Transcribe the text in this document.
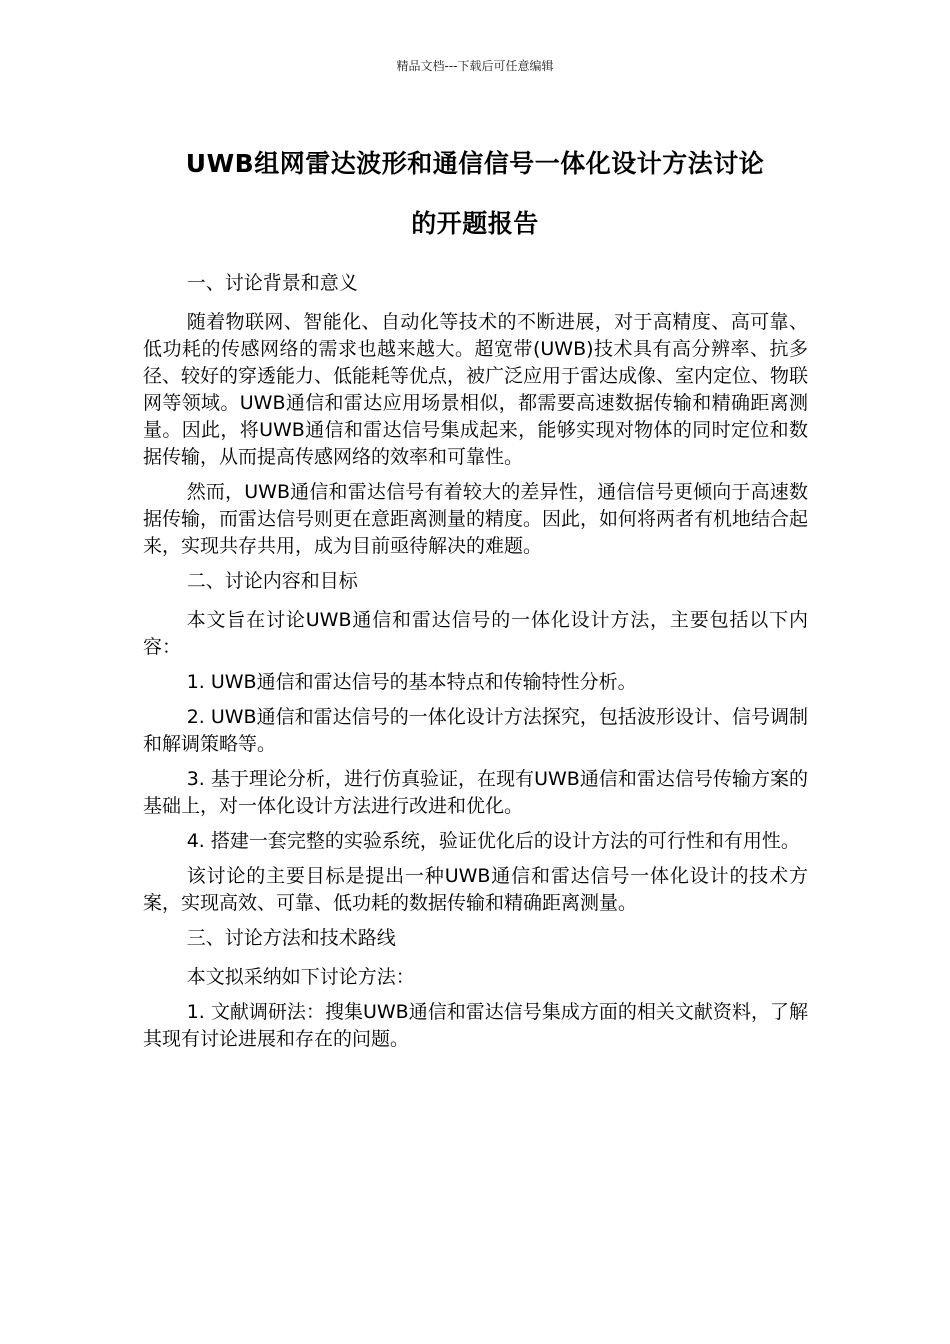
精品文档---下载后可任意编辑
UWB组网雷达波形和通信信号一体化设计方法讨论
的开题报告

一、讨论背景和意义

随着物联网、智能化、自动化等技术的不断进展，对于高精度、高可靠、低功耗的传感网络的需求也越来越大。超宽带(UWB)技术具有高分辨率、抗多径、较好的穿透能力、低能耗等优点，被广泛应用于雷达成像、室内定位、物联网等领域。UWB通信和雷达应用场景相似，都需要高速数据传输和精确距离测量。因此，将UWB通信和雷达信号集成起来，能够实现对物体的同时定位和数据传输，从而提高传感网络的效率和可靠性。

然而，UWB通信和雷达信号有着较大的差异性，通信信号更倾向于高速数据传输，而雷达信号则更在意距离测量的精度。因此，如何将两者有机地结合起来，实现共存共用，成为目前亟待解决的难题。

二、讨论内容和目标

本文旨在讨论UWB通信和雷达信号的一体化设计方法，主要包括以下内容：

1. UWB通信和雷达信号的基本特点和传输特性分析。

2. UWB通信和雷达信号的一体化设计方法探究，包括波形设计、信号调制和解调策略等。

3. 基于理论分析，进行仿真验证，在现有UWB通信和雷达信号传输方案的基础上，对一体化设计方法进行改进和优化。

4. 搭建一套完整的实验系统，验证优化后的设计方法的可行性和有用性。

该讨论的主要目标是提出一种UWB通信和雷达信号一体化设计的技术方案，实现高效、可靠、低功耗的数据传输和精确距离测量。

三、讨论方法和技术路线

本文拟采纳如下讨论方法：

1. 文献调研法：搜集UWB通信和雷达信号集成方面的相关文献资料，了解其现有讨论进展和存在的问题。
